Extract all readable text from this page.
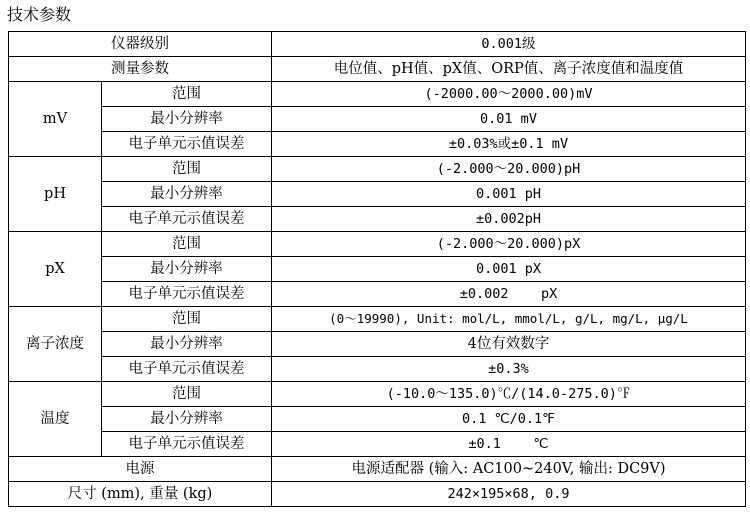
技术参数
仪器级别		0.001级
测量参数		电位值、pH值、pX值、ORP值、离子浓度值和温度值
mV	范围	(-2000.00～2000.00)mV
	最小分辨率	0.01 mV
	电子单元示值误差	±0.03%或±0.1 mV
pH	范围	(-2.000～20.000)pH
	最小分辨率	0.001 pH
	电子单元示值误差	±0.002pH
pX	范围	(-2.000～20.000)pX
	最小分辨率	0.001 pX
	电子单元示值误差	±0.002    pX
离子浓度	范围	(0～19990), Unit: mol/L, mmol/L, g/L, mg/L, μg/L
	最小分辨率	4位有效数字
	电子单元示值误差	±0.3%
温度	范围	(-10.0～135.0)℃/(14.0-275.0)℉
	最小分辨率	0.1 ℃/0.1℉
	电子单元示值误差	±0.1    ℃
电源		电源适配器 (输入: AC100~240V, 输出: DC9V)
尺寸 (mm), 重量 (kg)		242×195×68, 0.9
